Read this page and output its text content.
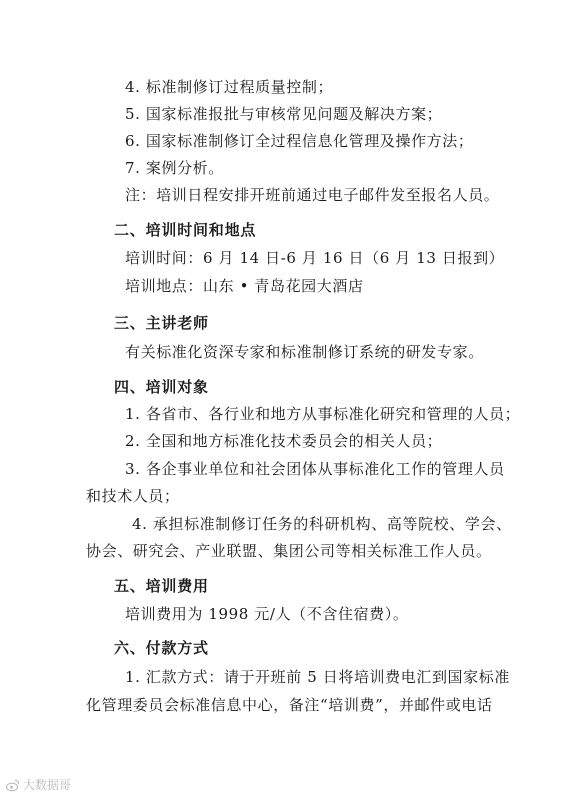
4. 标准制修订过程质量控制；
5. 国家标准报批与审核常见问题及解决方案；
6. 国家标准制修订全过程信息化管理及操作方法；
7. 案例分析。
注：培训日程安排开班前通过电子邮件发至报名人员。
二、培训时间和地点
培训时间：6 月 14 日-6 月 16 日（6 月 13 日报到）
培训地点：山东 • 青岛花园大酒店
三、主讲老师
有关标准化资深专家和标准制修订系统的研发专家。
四、培训对象
1. 各省市、各行业和地方从事标准化研究和管理的人员；
2. 全国和地方标准化技术委员会的相关人员；
3. 各企事业单位和社会团体从事标准化工作的管理人员
和技术人员；
4. 承担标准制修订任务的科研机构、高等院校、学会、
协会、研究会、产业联盟、集团公司等相关标准工作人员。
五、培训费用
培训费用为 1998 元/人（不含住宿费）。
六、付款方式
1. 汇款方式：请于开班前 5 日将培训费电汇到国家标准
化管理委员会标准信息中心，备注“培训费”，并邮件或电话
大数据哥
